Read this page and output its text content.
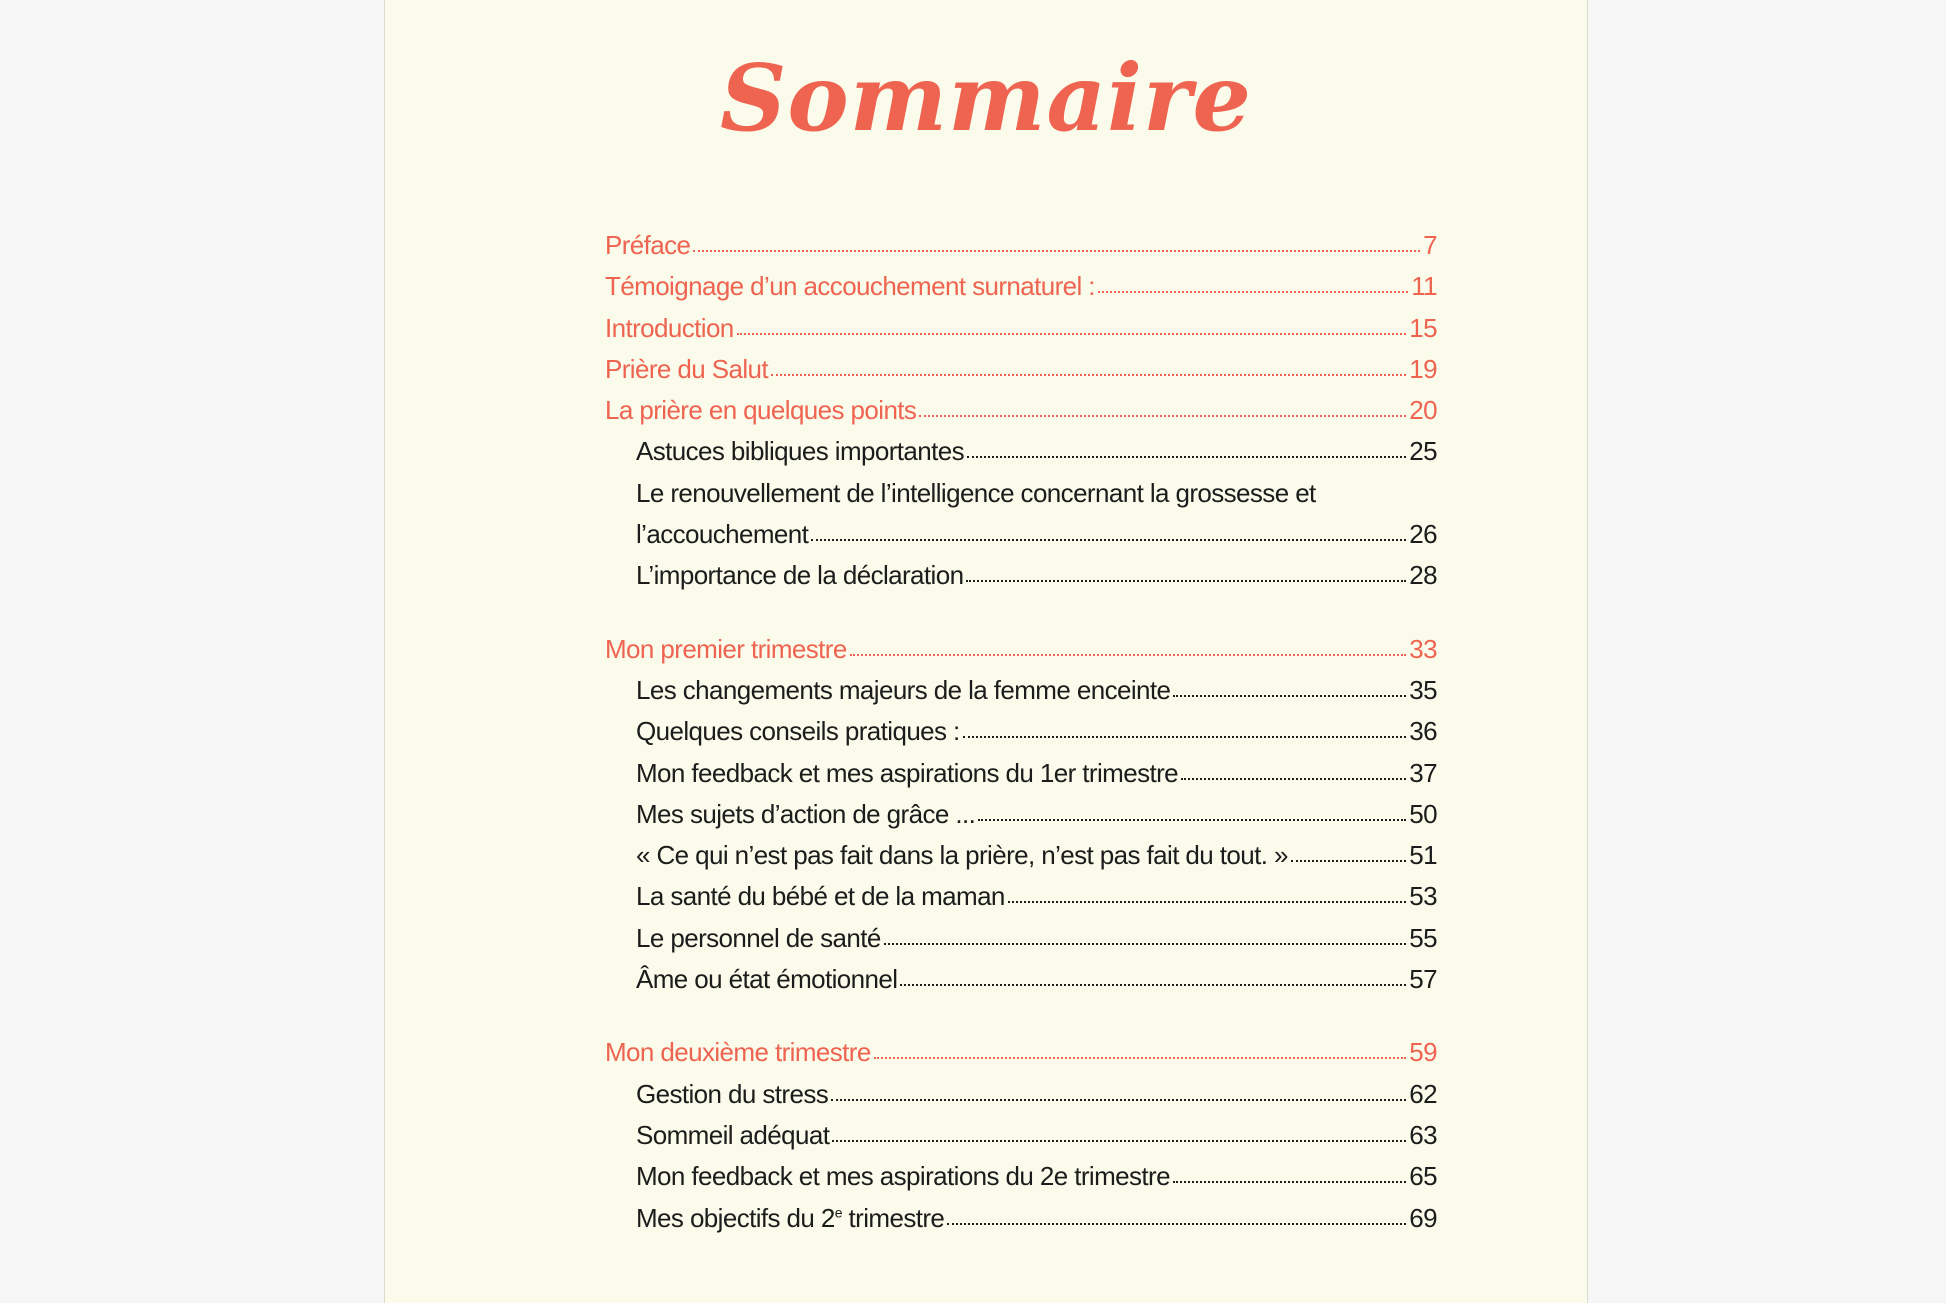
Sommaire
Préface	7
Témoignage d’un accouchement surnaturel :	11
Introduction	15
Prière du Salut	19
La prière en quelques points	20
Astuces bibliques importantes	25
Le renouvellement de l’intelligence concernant la grossesse et
l’accouchement	26
L’importance de la déclaration	28
Mon premier trimestre	33
Les changements majeurs de la femme enceinte	35
Quelques conseils pratiques :	36
Mon feedback et mes aspirations du 1er trimestre	37
Mes sujets d’action de grâce ...	50
« Ce qui n’est pas fait dans la prière, n’est pas fait du tout. »	51
La santé du bébé et de la maman	53
Le personnel de santé	55
Âme ou état émotionnel	57
Mon deuxième trimestre	59
Gestion du stress	62
Sommeil adéquat	63
Mon feedback et mes aspirations du 2e trimestre	65
Mes objectifs du 2e trimestre	69
